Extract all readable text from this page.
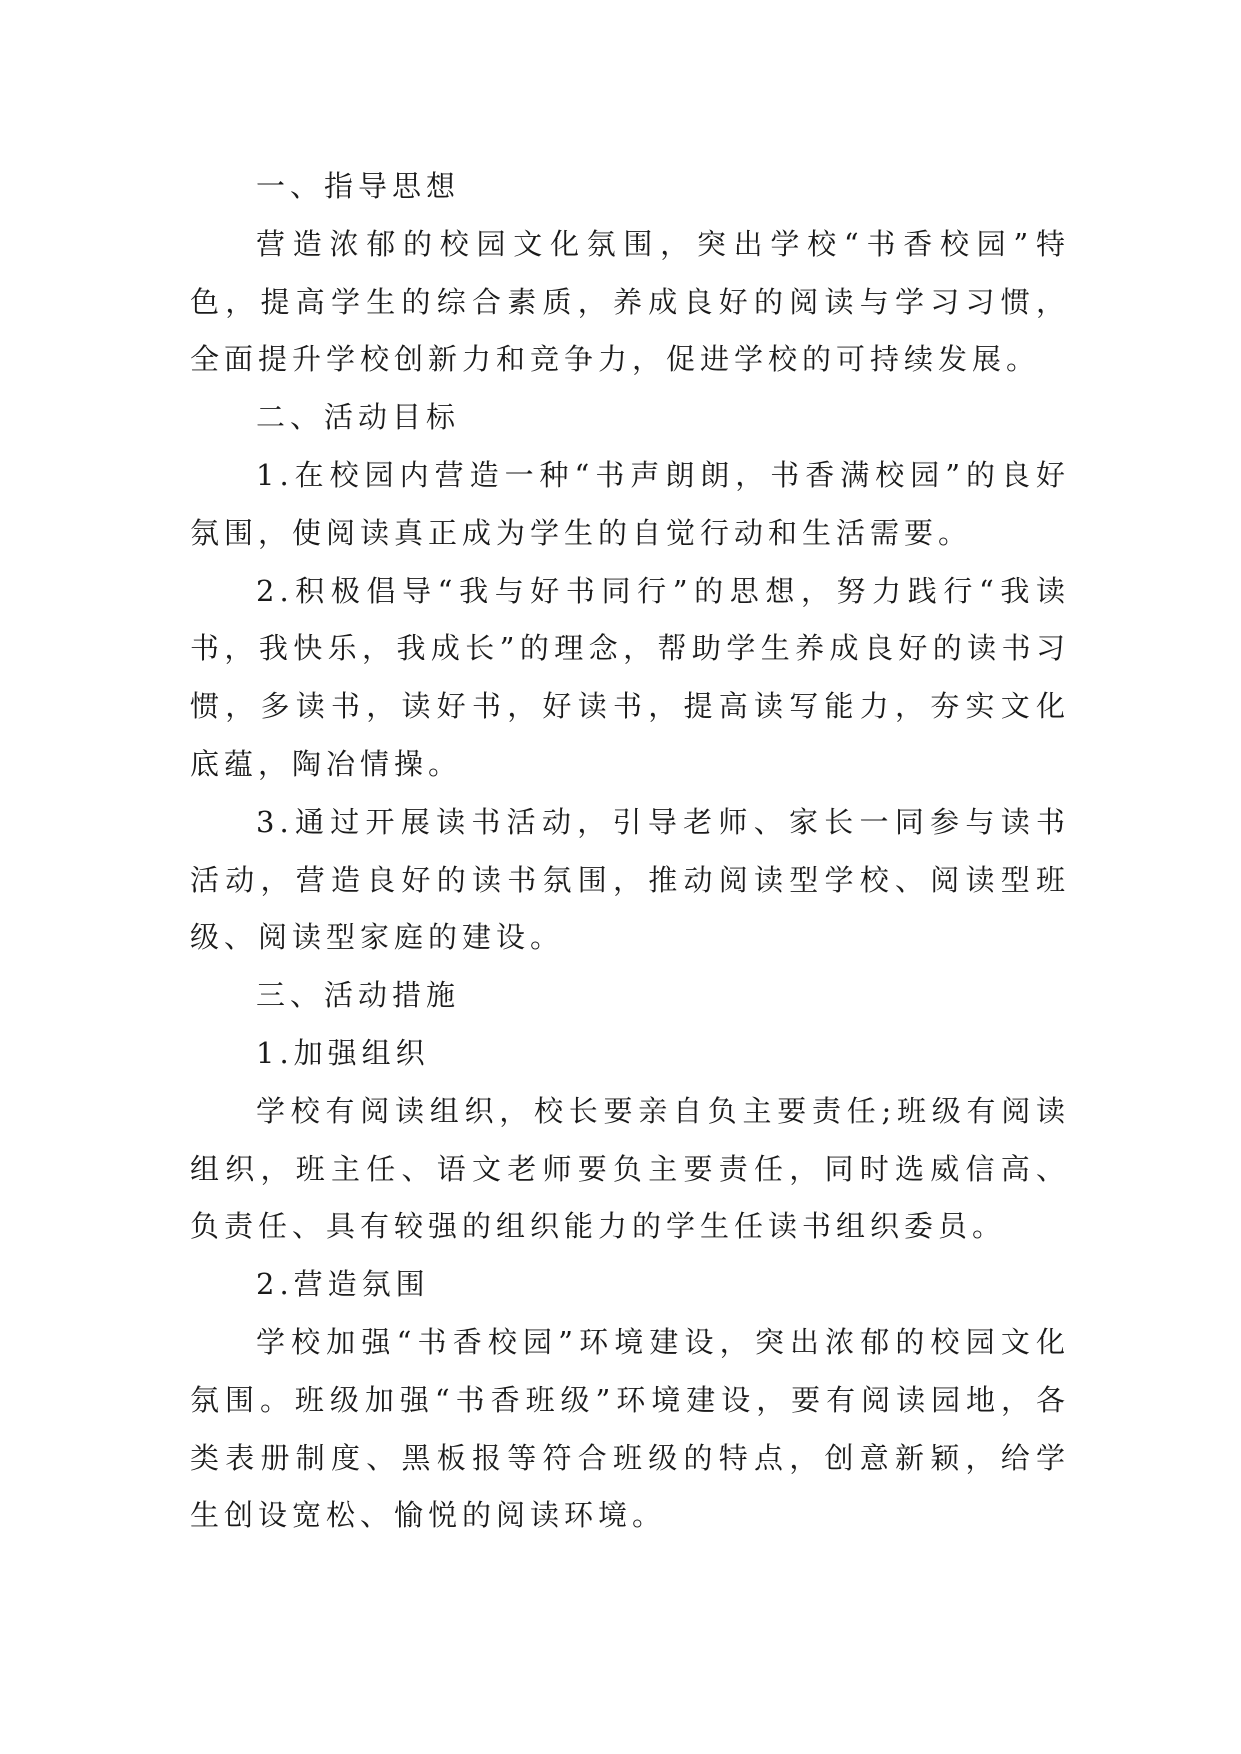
一、指导思想

营造浓郁的校园文化氛围，突出学校“书香校园”特色，提高学生的综合素质，养成良好的阅读与学习习惯，全面提升学校创新力和竞争力，促进学校的可持续发展。

二、活动目标

1.在校园内营造一种“书声朗朗，书香满校园”的良好氛围，使阅读真正成为学生的自觉行动和生活需要。

2.积极倡导“我与好书同行”的思想，努力践行“我读书，我快乐，我成长”的理念，帮助学生养成良好的读书习惯，多读书，读好书，好读书，提高读写能力，夯实文化底蕴，陶冶情操。

3.通过开展读书活动，引导老师、家长一同参与读书活动，营造良好的读书氛围，推动阅读型学校、阅读型班级、阅读型家庭的建设。

三、活动措施

1.加强组织

学校有阅读组织，校长要亲自负主要责任;班级有阅读组织，班主任、语文老师要负主要责任，同时选威信高、负责任、具有较强的组织能力的学生任读书组织委员。

2.营造氛围

学校加强“书香校园”环境建设，突出浓郁的校园文化氛围。班级加强“书香班级”环境建设，要有阅读园地，各类表册制度、黑板报等符合班级的特点，创意新颖，给学生创设宽松、愉悦的阅读环境。
